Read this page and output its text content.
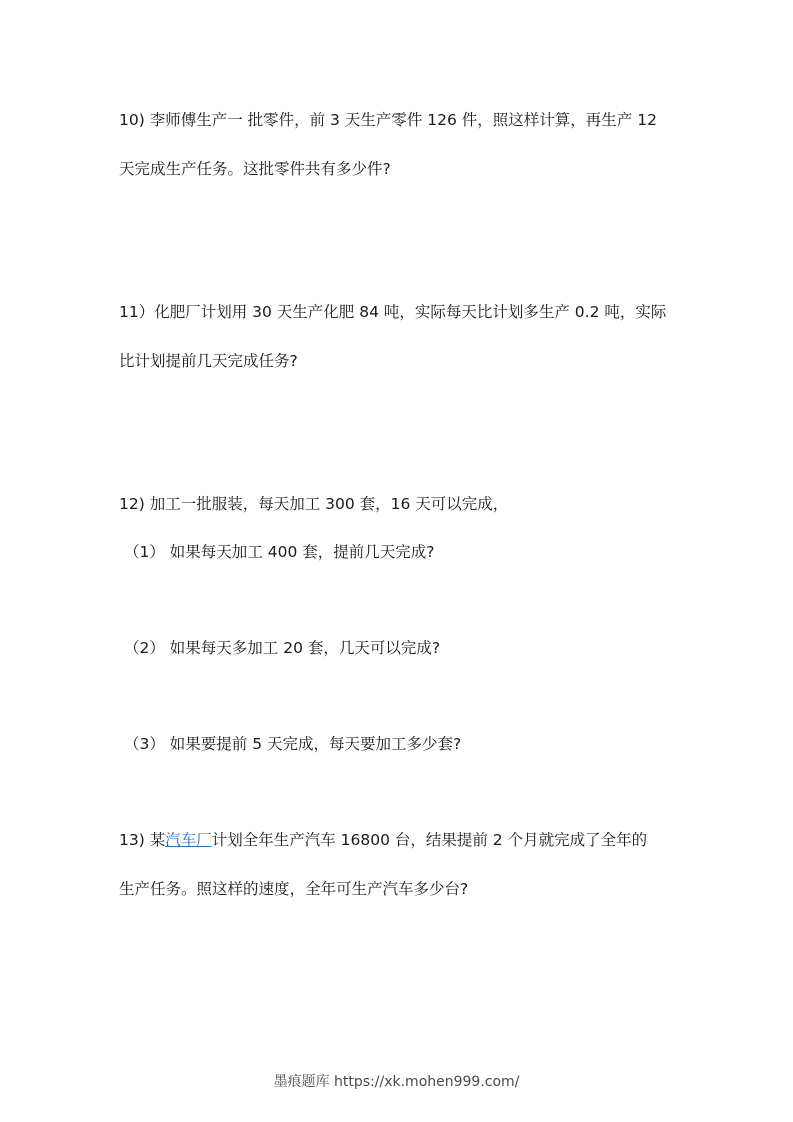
10) 李师傅生产一 批零件，前 3 天生产零件 126 件，照这样计算，再生产 12
天完成生产任务。这批零件共有多少件?
11）化肥厂计划用 30 天生产化肥 84 吨，实际每天比计划多生产 0.2 吨，实际
比计划提前几天完成任务?
12) 加工一批服装，每天加工 300 套，16 天可以完成，
（1） 如果每天加工 400 套，提前几天完成?
（2） 如果每天多加工 20 套，几天可以完成?
（3） 如果要提前 5 天完成，每天要加工多少套?
13) 某汽车厂计划全年生产汽车 16800 台，结果提前 2 个月就完成了全年的
生产任务。照这样的速度，全年可生产汽车多少台?
墨痕题库 https://xk.mohen999.com/
